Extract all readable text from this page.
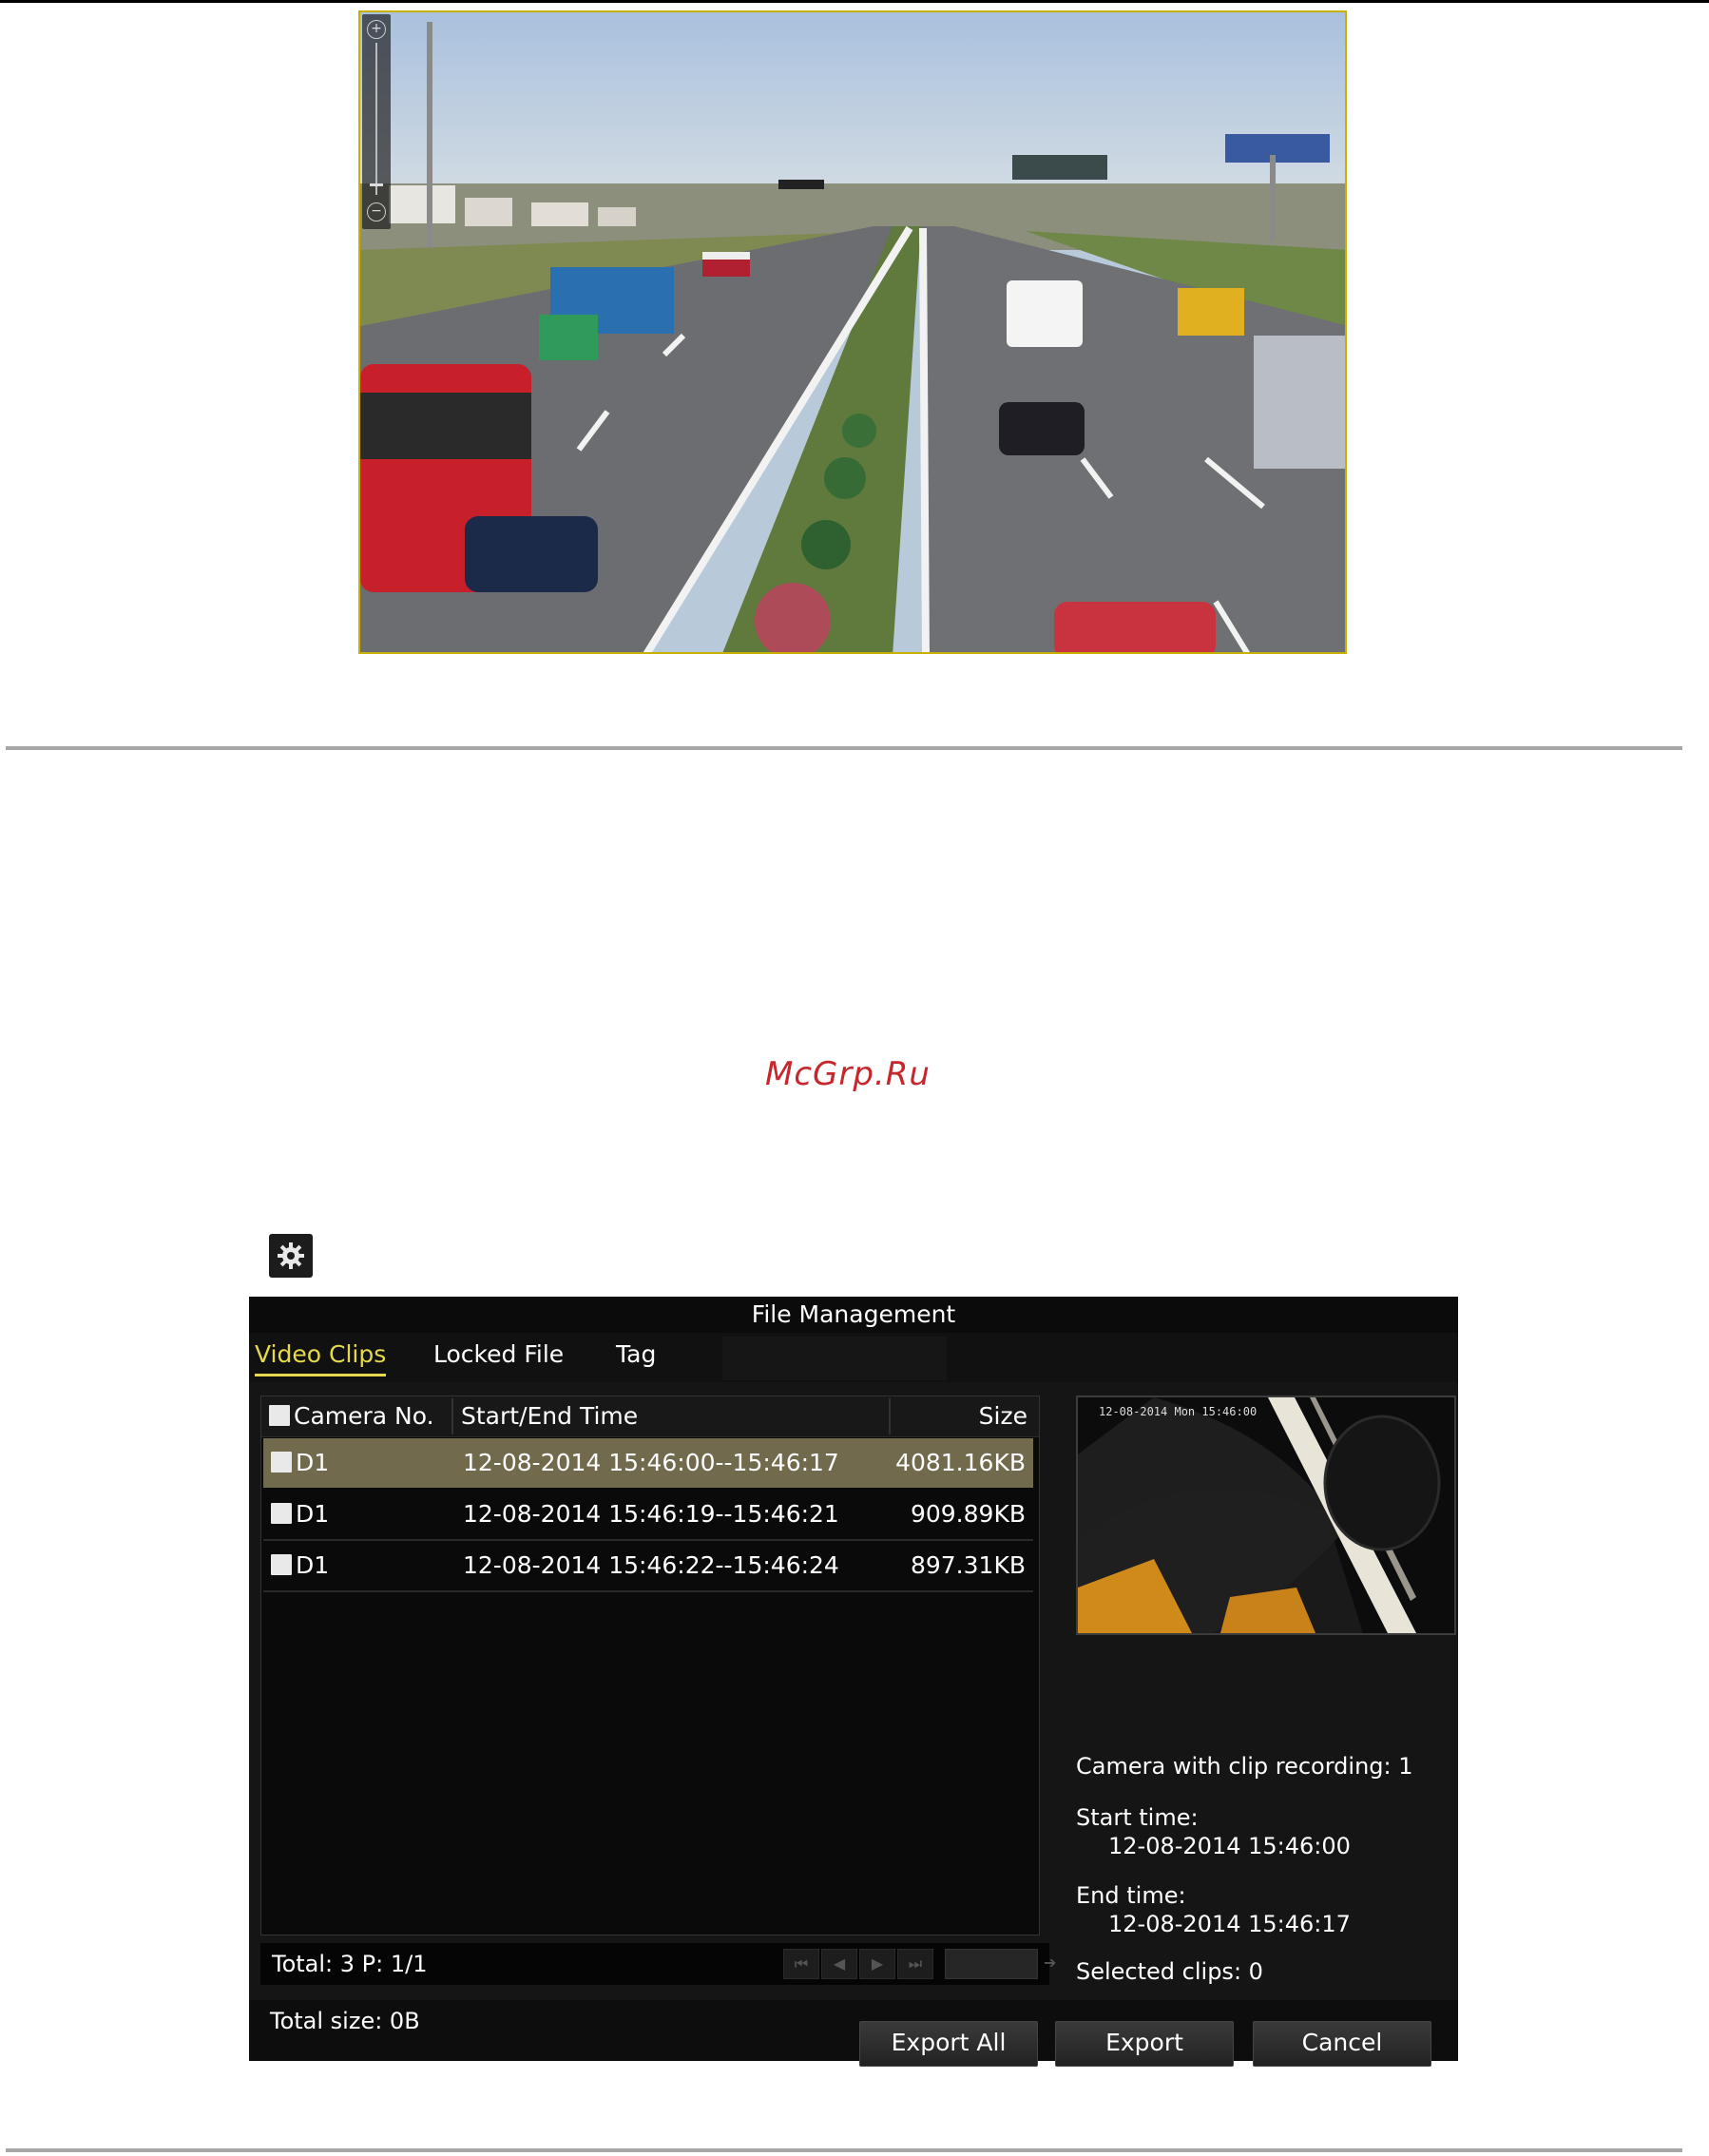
+
−
McGrp.Ru
File Management
Video Clips Locked File Tag
Camera No. Start/End Time	Size
D1	12-08-2014 15:46:00--15:46:17 4081.16KB
D1	12-08-2014 15:46:19--15:46:21	909.89KB
D1	12-08-2014 15:46:22--15:46:24	897.31KB
Total: 3 P: 1/1	⏮	◀	▶	⏭	➔
12-08-2014 Mon 15:46:00
Camera with clip recording: 1
Start time:
12-08-2014 15:46:00
End time:
12-08-2014 15:46:17
Selected clips: 0
Total size: 0B
Export All	Export	Cancel
